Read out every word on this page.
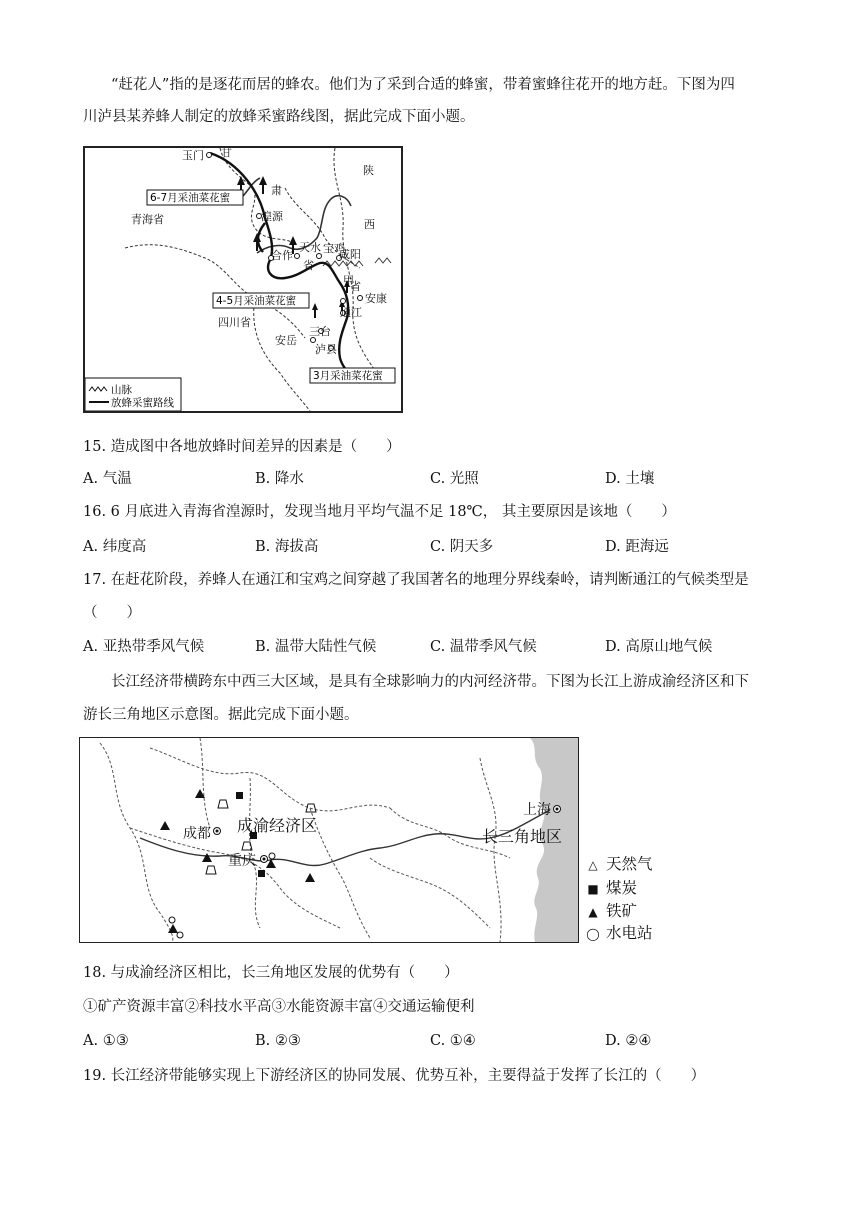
“赶花人”指的是逐花而居的蜂农。他们为了采到合适的蜂蜜，带着蜜蜂往花开的地方赶。下图为四
川泸县某养蜂人制定的放蜂采蜜路线图，据此完成下面小题。
玉门 甘
肃
陕
西
青海省	湟源
合作
天水 宝鸡
咸阳
省
甲
省
安康
通江
三台
安岳
泸县
四川省
6-7月采油菜花蜜
4-5月采油菜花蜜
3月采油菜花蜜
山脉
放蜂采蜜路线
15. 造成图中各地放蜂时间差异的因素是（　　）
A. 气温	B. 降水	C. 光照	D. 土壤
16. 6 月底进入青海省湟源时，发现当地月平均气温不足 18℃， 其主要原因是该地（　　）
A. 纬度高	B. 海拔高	C. 阴天多	D. 距海远
17. 在赶花阶段，养蜂人在通江和宝鸡之间穿越了我国著名的地理分界线秦岭，请判断通江的气候类型是
（　　）
A. 亚热带季风气候	B. 温带大陆性气候	C. 温带季风气候	D. 高原山地气候
长江经济带横跨东中西三大区域，是具有全球影响力的内河经济带。下图为长江上游成渝经济区和下
游长三角地区示意图。据此完成下面小题。
上海
成都 成渝经济区
重庆
长三角地区
△ 天然气
■ 煤炭
▲ 铁矿
◯ 水电站
18. 与成渝经济区相比，长三角地区发展的优势有（　　）
①矿产资源丰富②科技水平高③水能资源丰富④交通运输便利
A. ①③	B. ②③	C. ①④	D. ②④
19. 长江经济带能够实现上下游经济区的协同发展、优势互补，主要得益于发挥了长江的（　　）
